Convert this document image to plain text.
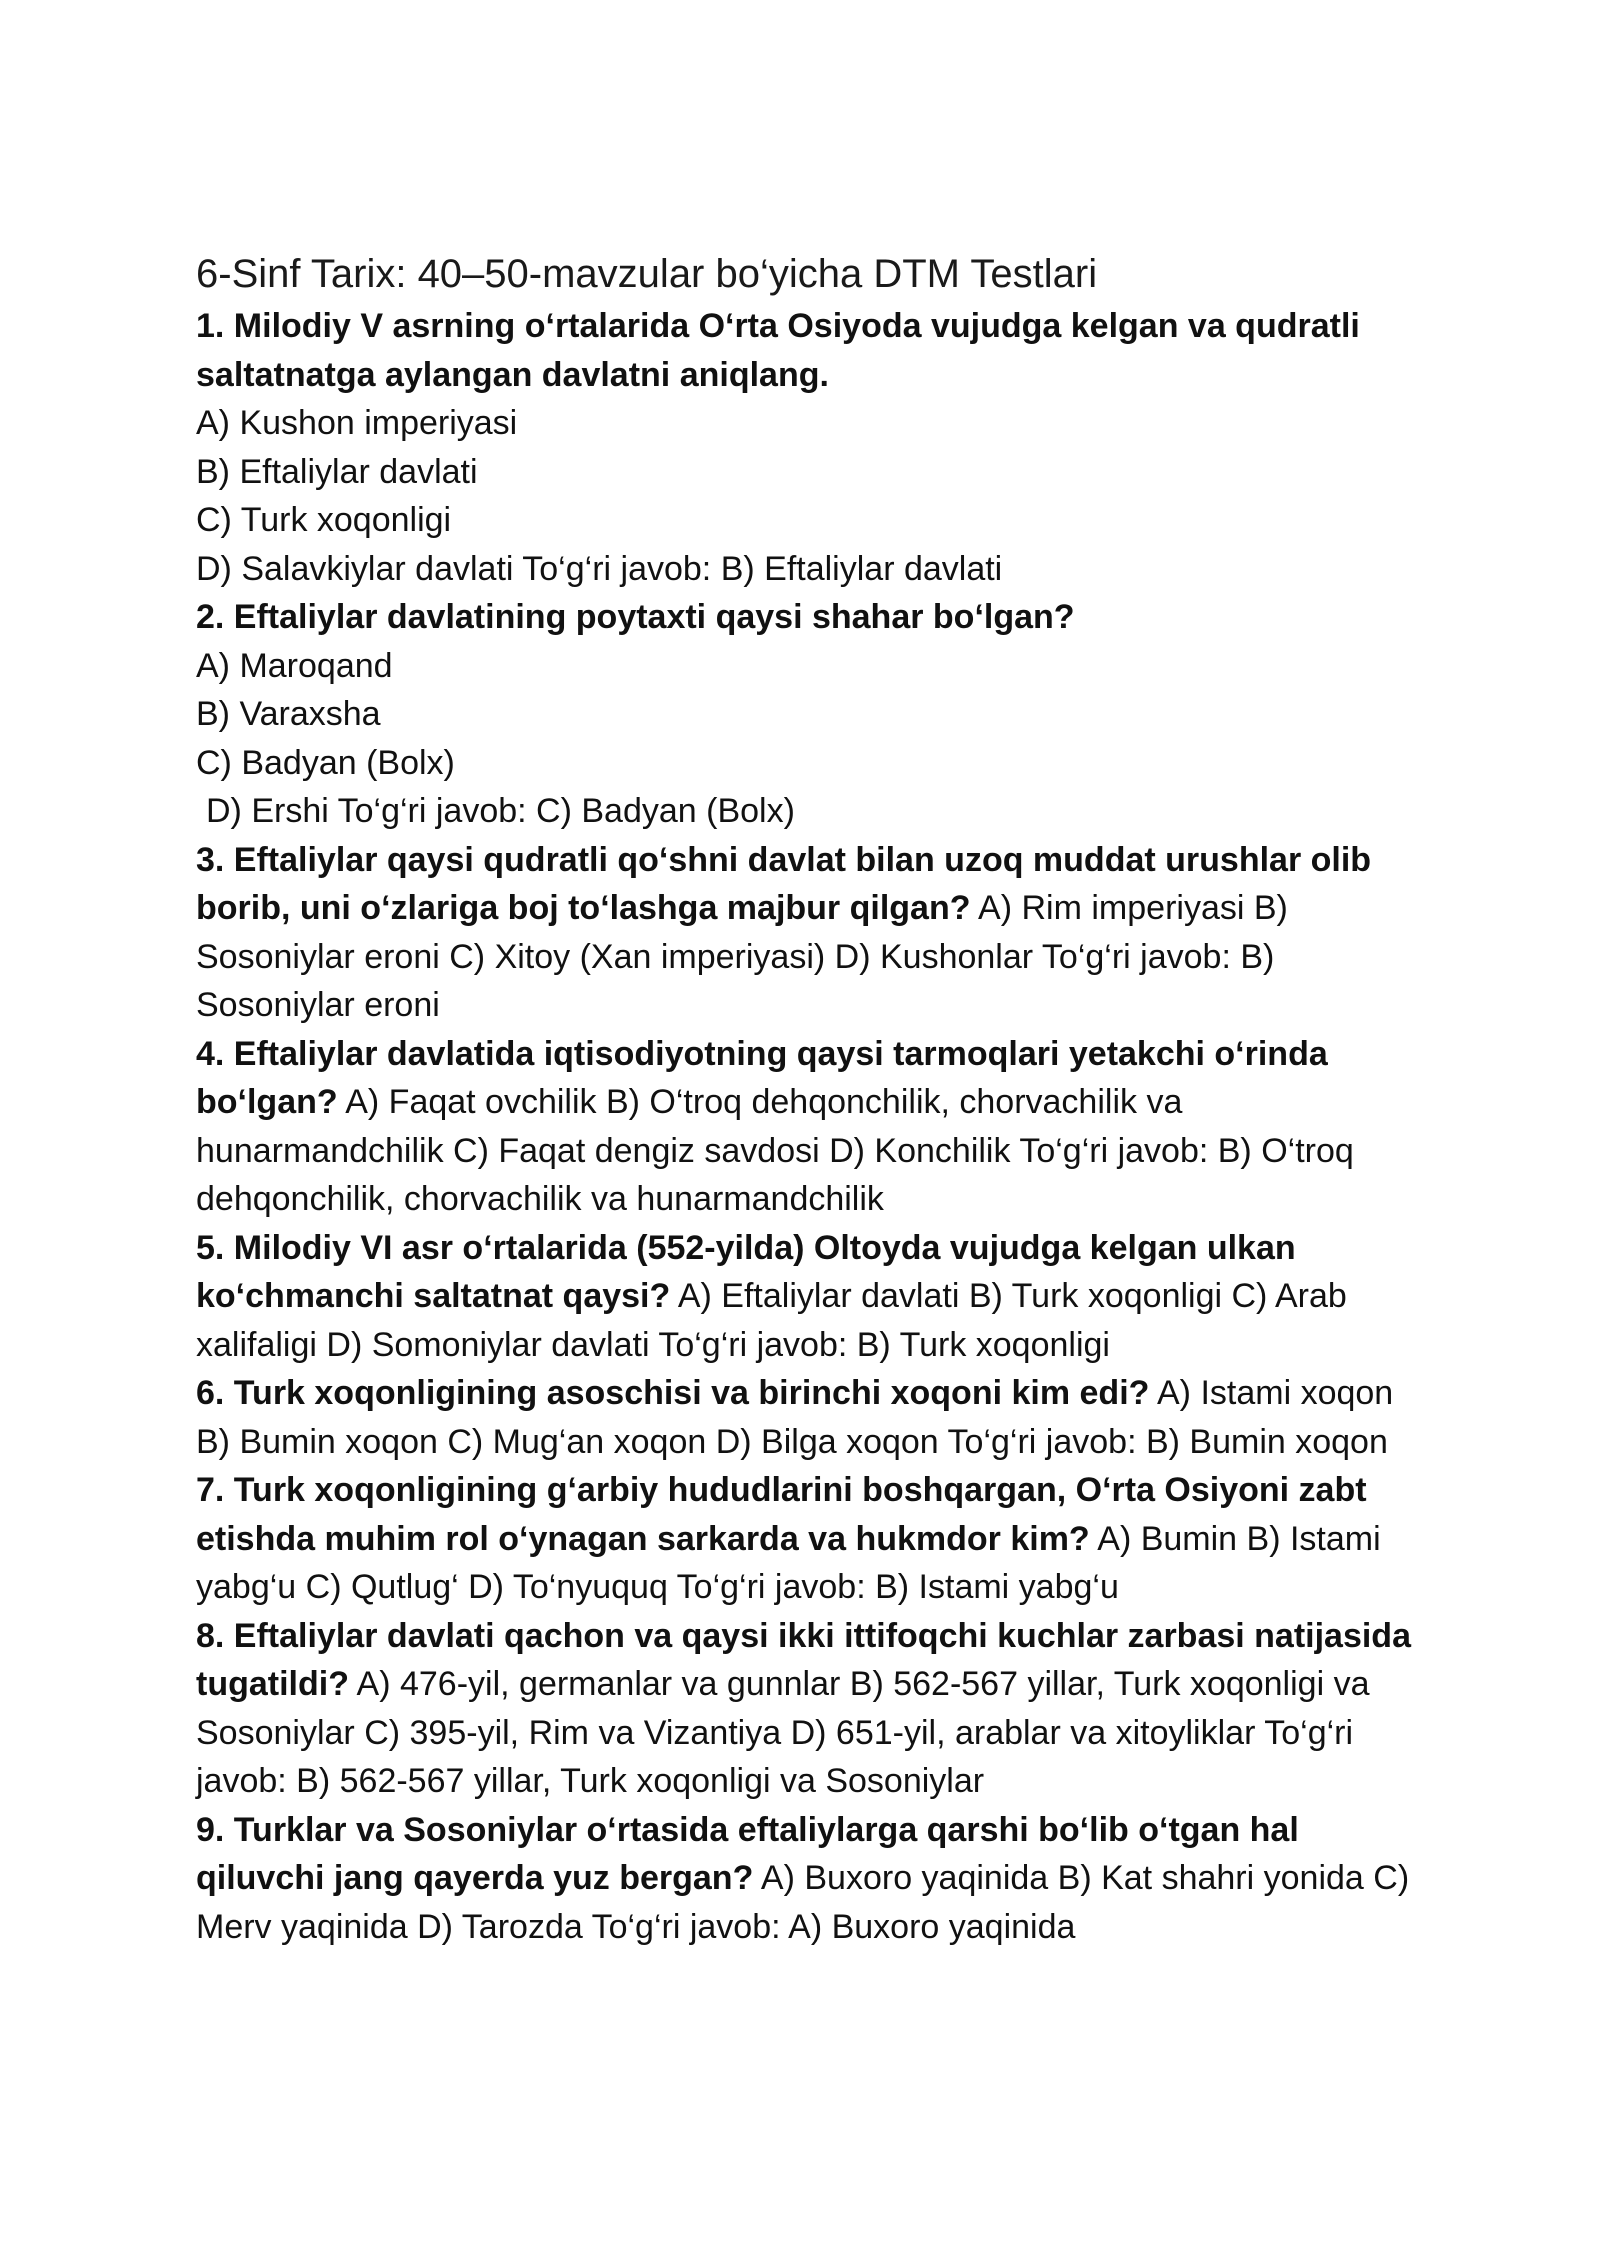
6-Sinf Tarix: 40–50-mavzular bo‘yicha DTM Testlari
1. Milodiy V asrning o‘rtalarida O‘rta Osiyoda vujudga kelgan va qudratli saltatnatga aylangan davlatni aniqlang.
A) Kushon imperiyasi
B) Eftaliylar davlati
C) Turk xoqonligi
D) Salavkiylar davlati To‘g‘ri javob: B) Eftaliylar davlati
2. Eftaliylar davlatining poytaxti qaysi shahar bo‘lgan?
A) Maroqand
B) Varaxsha
C) Badyan (Bolx)
D) Ershi To‘g‘ri javob: C) Badyan (Bolx)
3. Eftaliylar qaysi qudratli qo‘shni davlat bilan uzoq muddat urushlar olib borib, uni o‘zlariga boj to‘lashga majbur qilgan? A) Rim imperiyasi B) Sosoniylar eroni C) Xitoy (Xan imperiyasi) D) Kushonlar To‘g‘ri javob: B) Sosoniylar eroni
4. Eftaliylar davlatida iqtisodiyotning qaysi tarmoqlari yetakchi o‘rinda bo‘lgan? A) Faqat ovchilik B) O‘troq dehqonchilik, chorvachilik va hunarmandchilik C) Faqat dengiz savdosi D) Konchilik To‘g‘ri javob: B) O‘troq dehqonchilik, chorvachilik va hunarmandchilik
5. Milodiy VI asr o‘rtalarida (552-yilda) Oltoyda vujudga kelgan ulkan ko‘chmanchi saltatnat qaysi? A) Eftaliylar davlati B) Turk xoqonligi C) Arab xalifaligi D) Somoniylar davlati To‘g‘ri javob: B) Turk xoqonligi
6. Turk xoqonligining asoschisi va birinchi xoqoni kim edi? A) Istami xoqon B) Bumin xoqon C) Mug‘an xoqon D) Bilga xoqon To‘g‘ri javob: B) Bumin xoqon
7. Turk xoqonligining g‘arbiy hududlarini boshqargan, O‘rta Osiyoni zabt etishda muhim rol o‘ynagan sarkarda va hukmdor kim? A) Bumin B) Istami yabg‘u C) Qutlug‘ D) To‘nyuquq To‘g‘ri javob: B) Istami yabg‘u
8. Eftaliylar davlati qachon va qaysi ikki ittifoqchi kuchlar zarbasi natijasida tugatildi? A) 476-yil, germanlar va gunnlar B) 562-567 yillar, Turk xoqonligi va Sosoniylar C) 395-yil, Rim va Vizantiya D) 651-yil, arablar va xitoyliklar To‘g‘ri javob: B) 562-567 yillar, Turk xoqonligi va Sosoniylar
9. Turklar va Sosoniylar o‘rtasida eftaliylarga qarshi bo‘lib o‘tgan hal qiluvchi jang qayerda yuz bergan? A) Buxoro yaqinida B) Kat shahri yonida C) Merv yaqinida D) Tarozda To‘g‘ri javob: A) Buxoro yaqinida
